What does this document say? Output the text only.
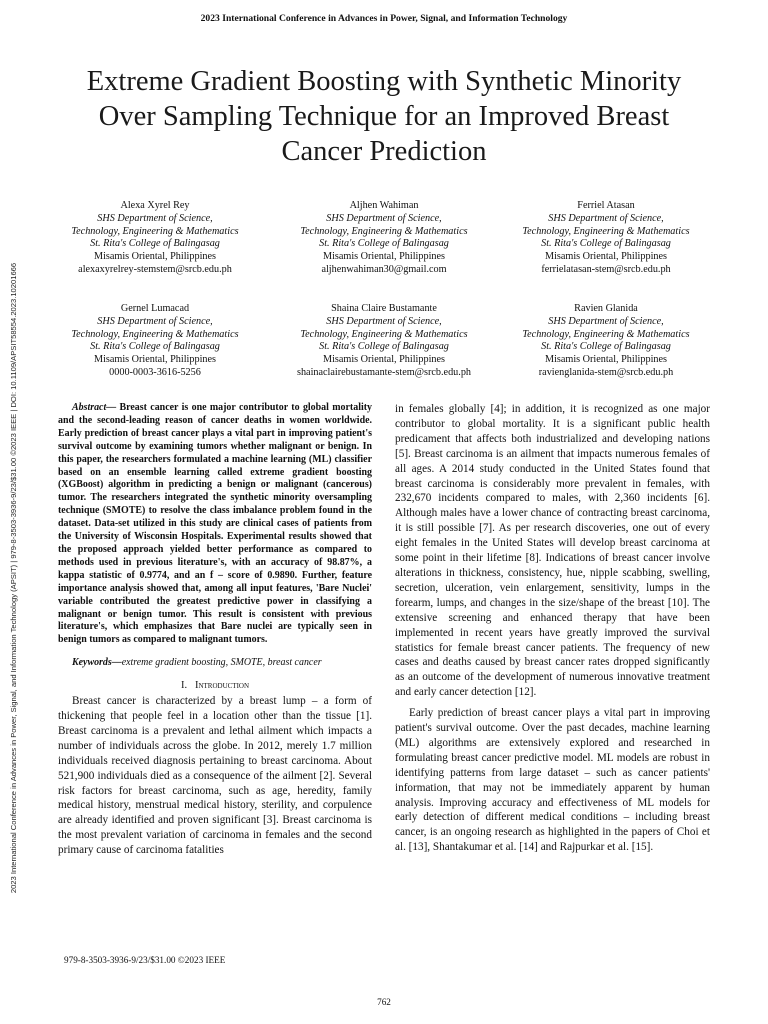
2023 International Conference in Advances in Power, Signal, and Information Technology
2023 International Conference in Advances in Power, Signal, and Information Technology (APSIT) | 979-8-3503-3936-9/23/$31.00 ©2023 IEEE | DOI: 10.1109/APSIT58554.2023.10201666
Extreme Gradient Boosting with Synthetic Minority Over Sampling Technique for an Improved Breast Cancer Prediction
Alexa Xyrel Rey
SHS Department of Science,
Technology, Engineering & Mathematics
St. Rita's College of Balingasag
Misamis Oriental, Philippines
alexaxyrelrey-stemstem@srcb.edu.ph
Aljhen Wahiman
SHS Department of Science,
Technology, Engineering & Mathematics
St. Rita's College of Balingasag
Misamis Oriental, Philippines
aljhenwahiman30@gmail.com
Ferriel Atasan
SHS Department of Science,
Technology, Engineering & Mathematics
St. Rita's College of Balingasag
Misamis Oriental, Philippines
ferrielatasan-stem@srcb.edu.ph
Gernel Lumacad
SHS Department of Science,
Technology, Engineering & Mathematics
St. Rita's College of Balingasag
Misamis Oriental, Philippines
0000-0003-3616-5256
Shaina Claire Bustamante
SHS Department of Science,
Technology, Engineering & Mathematics
St. Rita's College of Balingasag
Misamis Oriental, Philippines
shainaclairebustamante-stem@srcb.edu.ph
Ravien Glanida
SHS Department of Science,
Technology, Engineering & Mathematics
St. Rita's College of Balingasag
Misamis Oriental, Philippines
ravienglanida-stem@srcb.edu.ph

Abstract— Breast cancer is one major contributor to global mortality and the second-leading reason of cancer deaths in women worldwide. Early prediction of breast cancer plays a vital part in improving patient's survival outcome by examining tumors whether malignant or benign. In this paper, the researchers formulated a machine learning (ML) classifier based on an ensemble learning called extreme gradient boosting (XGBoost) algorithm in predicting a benign or malignant (cancerous) tumor. The researchers integrated the synthetic minority oversampling technique (SMOTE) to resolve the class imbalance problem found in the dataset. Data-set utilized in this study are clinical cases of patients from the University of Wisconsin Hospitals. Experimental results showed that the proposed approach yielded better performance as compared to methods used in previous literature's, with an accuracy of 98.87%, a kappa statistic of 0.9774, and an f – score of 0.9890. Further, feature importance analysis showed that, among all input features, 'Bare Nuclei' variable contributed the greatest predictive power in classifying a malignant or benign tumor. This result is consistent with previous literature's, which emphasizes that Bare nuclei are typically seen in benign tumors as compared to malignant tumors.

Keywords—extreme gradient boosting, SMOTE, breast cancer

I. Introduction

Breast cancer is characterized by a breast lump – a form of thickening that people feel in a location other than the tissue [1]. Breast carcinoma is a prevalent and lethal ailment which impacts a number of individuals across the globe. In 2012, merely 1.7 million individuals received diagnosis pertaining to breast carcinoma. About 521,900 individuals died as a consequence of the ailment [2]. Several risk factors for breast carcinoma, such as age, heredity, family medical history, menstrual medical history, sterility, and corpulence are already identified and proven significant [3]. Breast carcinoma is the most prevalent variation of carcinoma in females and the second primary cause of carcinoma fatalities

in females globally [4]; in addition, it is recognized as one major contributor to global mortality. It is a significant public health predicament that affects both industrialized and developing nations [5]. Breast carcinoma is an ailment that impacts numerous females of all ages. A 2014 study conducted in the United States found that breast carcinoma is considerably more prevalent in females, with 232,670 incidents compared to males, with 2,360 incidents [6]. Although males have a lower chance of contracting breast carcinoma, it is still possible [7]. As per research discoveries, one out of every eight females in the United States will develop breast carcinoma at some point in their lifetime [8]. Indications of breast cancer involve alterations in thickness, consistency, hue, nipple scabbing, swelling, secretion, ulceration, vein enlargement, sensitivity, lumps in the forearm, lumps, and changes in the size/shape of the breast [10]. The extensive screening and enhanced therapy that have been implemented in recent years have greatly improved the survival statistics for female breast cancer patients. The frequency of new cases and deaths caused by breast cancer rates dropped significantly as an outcome of the development of numerous innovative treatment and early cancer detection [12].

Early prediction of breast cancer plays a vital part in improving patient's survival outcome. Over the past decades, machine learning (ML) algorithms are extensively explored and researched in formulating breast cancer predictive model. ML models are robust in identifying patterns from large dataset – such as cancer patients' information, that may not be immediately apparent by human analysis. Improving accuracy and effectiveness of ML models for early detection of different medical conditions – including breast cancer, is an ongoing research as highlighted in the papers of Choi et al. [13], Shantakumar et al. [14] and Rajpurkar et al. [15].

979-8-3503-3936-9/23/$31.00 ©2023 IEEE
762
